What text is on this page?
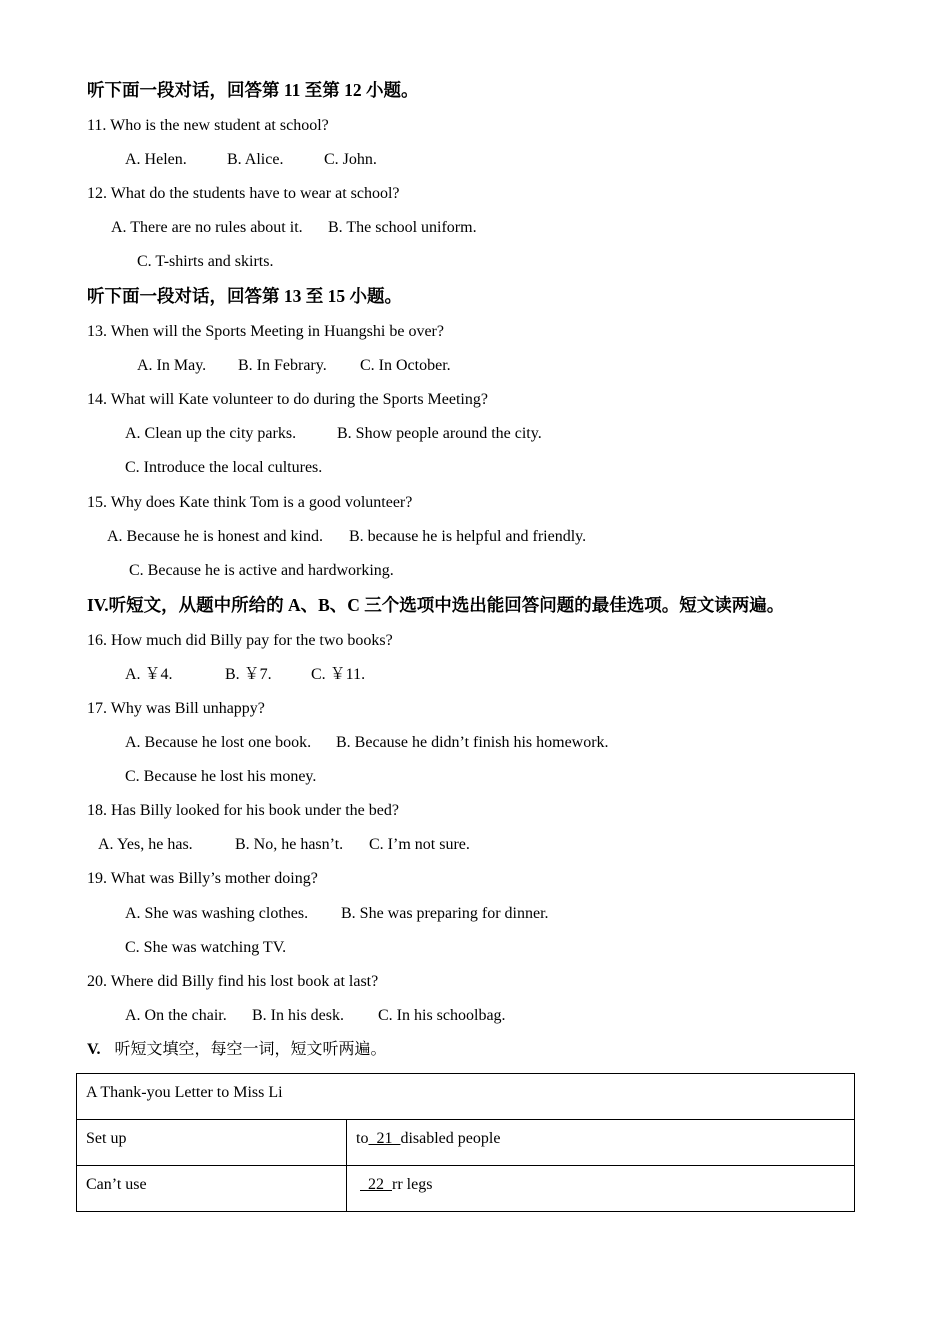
听下面一段对话，回答第 11 至第 12 小题。
11. Who is the new student at school?
A. Helen.	B. Alice.	C. John.
12. What do the students have to wear at school?
A. There are no rules about it. B. The school uniform.
C. T-shirts and skirts.
听下面一段对话，回答第 13 至 15 小题。
13. When will the Sports Meeting in Huangshi be over?
A. In May. B. In Febrary. C. In October.
14. What will Kate volunteer to do during the Sports Meeting?
A. Clean up the city parks.	B. Show people around the city.
C. Introduce the local cultures.
15. Why does Kate think Tom is a good volunteer?
A. Because he is honest and kind. B. because he is helpful and friendly.
C. Because he is active and hardworking.
IV.听短文，从题中所给的 A、B、C 三个选项中选出能回答问题的最佳选项。短文读两遍。
16. How much did Billy pay for the two books?
A. ￥4.	B. ￥7. C. ￥11.
17. Why was Bill unhappy?
A. Because he lost one book. B. Because he didn’t finish his homework.
C. Because he lost his money.
18. Has Billy looked for his book under the bed?
A. Yes, he has.	B. No, he hasn’t. C. I’m not sure.
19. What was Billy’s mother doing?
A. She was washing clothes. B. She was preparing for dinner.
C. She was watching TV.
20. Where did Billy find his lost book at last?
A. On the chair. B. In his desk. C. In his schoolbag.
V. 听短文填空，每空一词，短文听两遍。
A Thank-you Letter to Miss Li	
Set up	to  21  disabled people
Can’t use	22  rr legs
